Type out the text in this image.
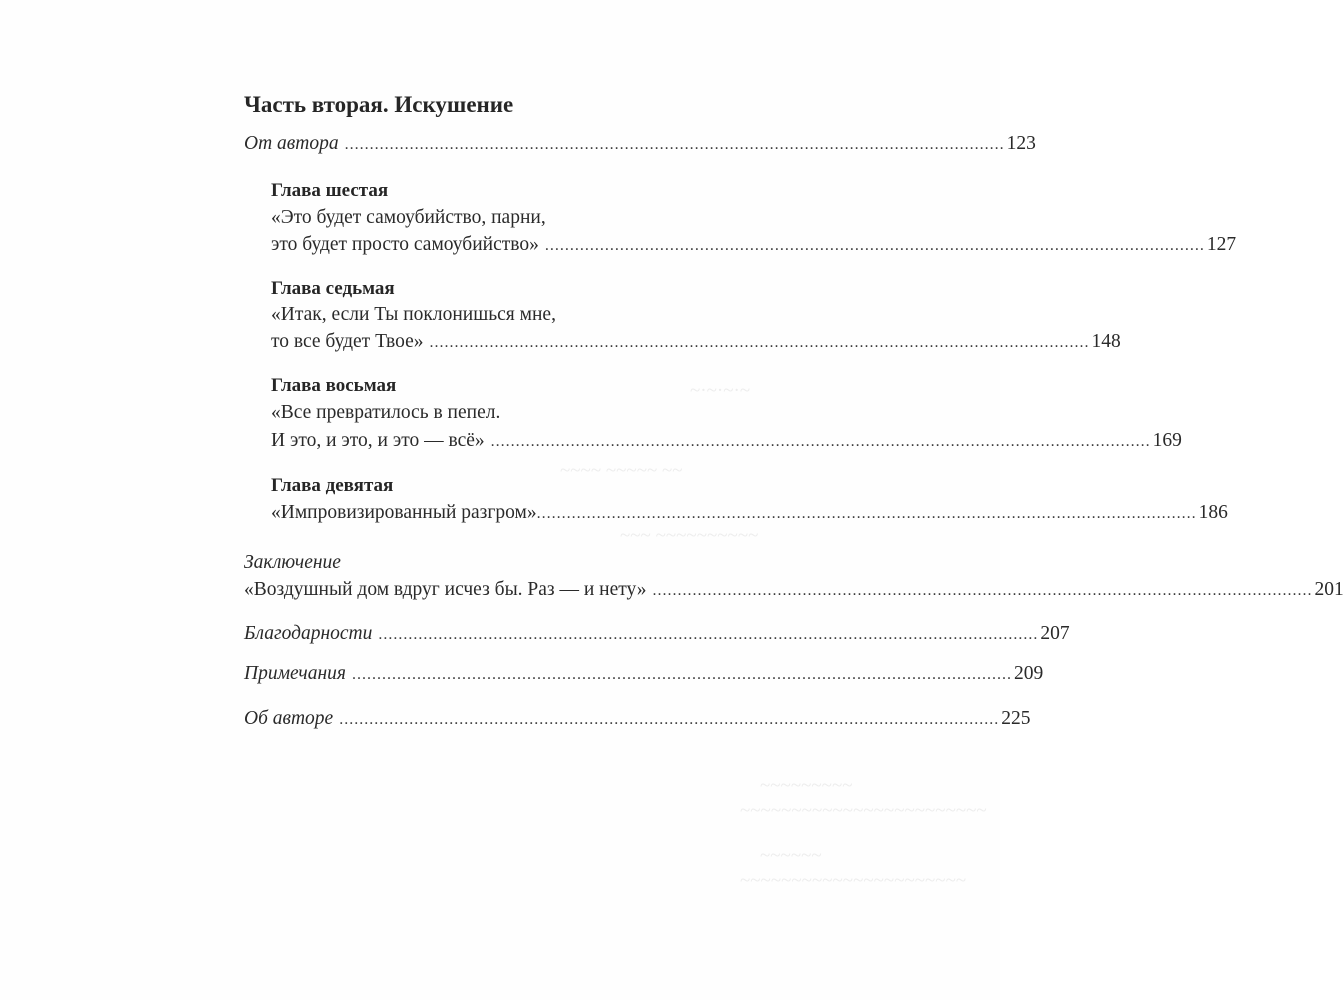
~·~·~·~
~~~~ ~~~~~ ~~
~~~ ~~~~~~~~~~
~~~~~~~~~
~~~~~~~~~~~~~~~~~~~~~~~~
~~~~~~
~~~~~~~~~~~~~~~~~~~~~~
Часть вторая. Искушение
От автора .................................................................................................................................... 123
Глава шестая
«Это будет самоубийство, парни,
это будет просто самоубийство» .................................................................................................................................... 127
Глава седьмая
«Итак, если Ты поклонишься мне,
то все будет Твое» .................................................................................................................................... 148
Глава восьмая
«Все превратилось в пепел.
И это, и это, и это — всё» .................................................................................................................................... 169
Глава девятая
«Импровизированный разгром» .................................................................................................................................... 186
Заключение
«Воздушный дом вдруг исчез бы. Раз — и нету» .................................................................................................................................... 201
Благодарности .................................................................................................................................... 207
Примечания .................................................................................................................................... 209
Об авторе .................................................................................................................................... 225
